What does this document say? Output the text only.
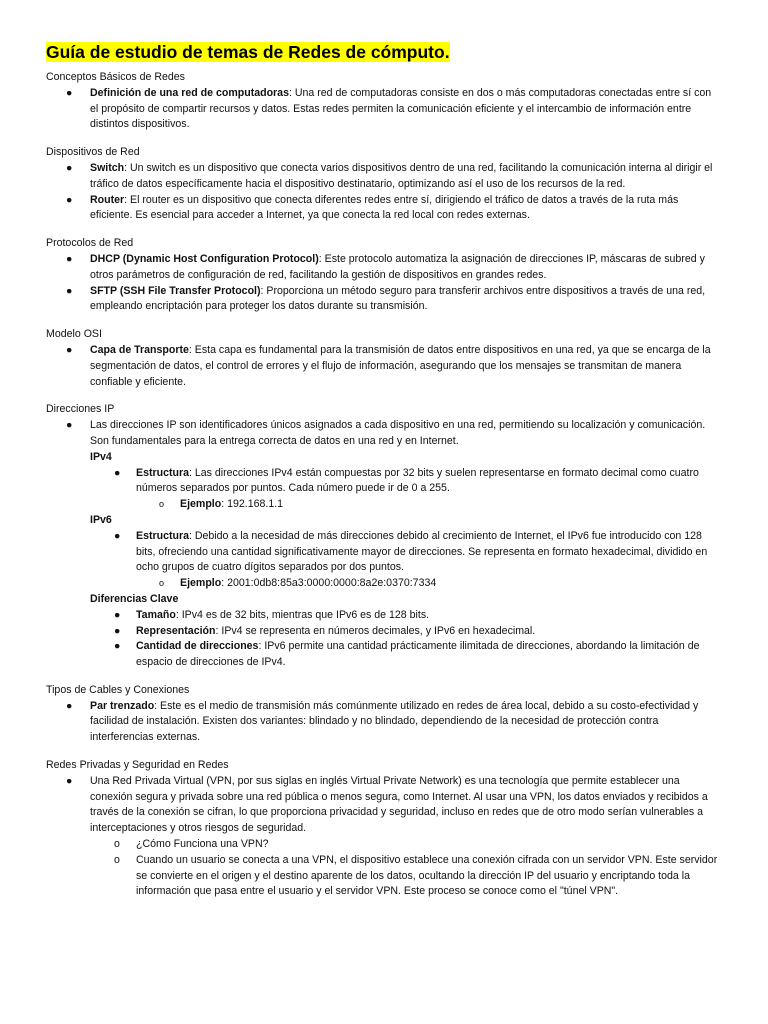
Guía de estudio de temas de Redes de cómputo.
Conceptos Básicos de Redes
● Definición de una red de computadoras: Una red de computadoras consiste en dos o más computadoras conectadas entre sí con el propósito de compartir recursos y datos. Estas redes permiten la comunicación eficiente y el intercambio de información entre distintos dispositivos.
Dispositivos de Red
● Switch: Un switch es un dispositivo que conecta varios dispositivos dentro de una red, facilitando la comunicación interna al dirigir el tráfico de datos específicamente hacia el dispositivo destinatario, optimizando así el uso de los recursos de la red.
● Router: El router es un dispositivo que conecta diferentes redes entre sí, dirigiendo el tráfico de datos a través de la ruta más eficiente. Es esencial para acceder a Internet, ya que conecta la red local con redes externas.
Protocolos de Red
● DHCP (Dynamic Host Configuration Protocol): Este protocolo automatiza la asignación de direcciones IP, máscaras de subred y otros parámetros de configuración de red, facilitando la gestión de dispositivos en grandes redes.
● SFTP (SSH File Transfer Protocol): Proporciona un método seguro para transferir archivos entre dispositivos a través de una red, empleando encriptación para proteger los datos durante su transmisión.
Modelo OSI
● Capa de Transporte: Esta capa es fundamental para la transmisión de datos entre dispositivos en una red, ya que se encarga de la segmentación de datos, el control de errores y el flujo de información, asegurando que los mensajes se transmitan de manera confiable y eficiente.
Direcciones IP
● Las direcciones IP son identificadores únicos asignados a cada dispositivo en una red, permitiendo su localización y comunicación. Son fundamentales para la entrega correcta de datos en una red y en Internet.
IPv4
● Estructura: Las direcciones IPv4 están compuestas por 32 bits y suelen representarse en formato decimal como cuatro números separados por puntos. Cada número puede ir de 0 a 255.
o Ejemplo: 192.168.1.1
IPv6
● Estructura: Debido a la necesidad de más direcciones debido al crecimiento de Internet, el IPv6 fue introducido con 128 bits, ofreciendo una cantidad significativamente mayor de direcciones. Se representa en formato hexadecimal, dividido en ocho grupos de cuatro dígitos separados por dos puntos.
o Ejemplo: 2001:0db8:85a3:0000:0000:8a2e:0370:7334
Diferencias Clave
● Tamaño: IPv4 es de 32 bits, mientras que IPv6 es de 128 bits.
● Representación: IPv4 se representa en números decimales, y IPv6 en hexadecimal.
● Cantidad de direcciones: IPv6 permite una cantidad prácticamente ilimitada de direcciones, abordando la limitación de espacio de direcciones de IPv4.
Tipos de Cables y Conexiones
● Par trenzado: Este es el medio de transmisión más comúnmente utilizado en redes de área local, debido a su costo-efectividad y facilidad de instalación. Existen dos variantes: blindado y no blindado, dependiendo de la necesidad de protección contra interferencias externas.
Redes Privadas y Seguridad en Redes
● Una Red Privada Virtual (VPN, por sus siglas en inglés Virtual Private Network) es una tecnología que permite establecer una conexión segura y privada sobre una red pública o menos segura, como Internet. Al usar una VPN, los datos enviados y recibidos a través de la conexión se cifran, lo que proporciona privacidad y seguridad, incluso en redes que de otro modo serían vulnerables a interceptaciones y otros riesgos de seguridad.
o ¿Cómo Funciona una VPN?
o Cuando un usuario se conecta a una VPN, el dispositivo establece una conexión cifrada con un servidor VPN. Este servidor se convierte en el origen y el destino aparente de los datos, ocultando la dirección IP del usuario y encriptando toda la información que pasa entre el usuario y el servidor VPN. Este proceso se conoce como el "túnel VPN".
